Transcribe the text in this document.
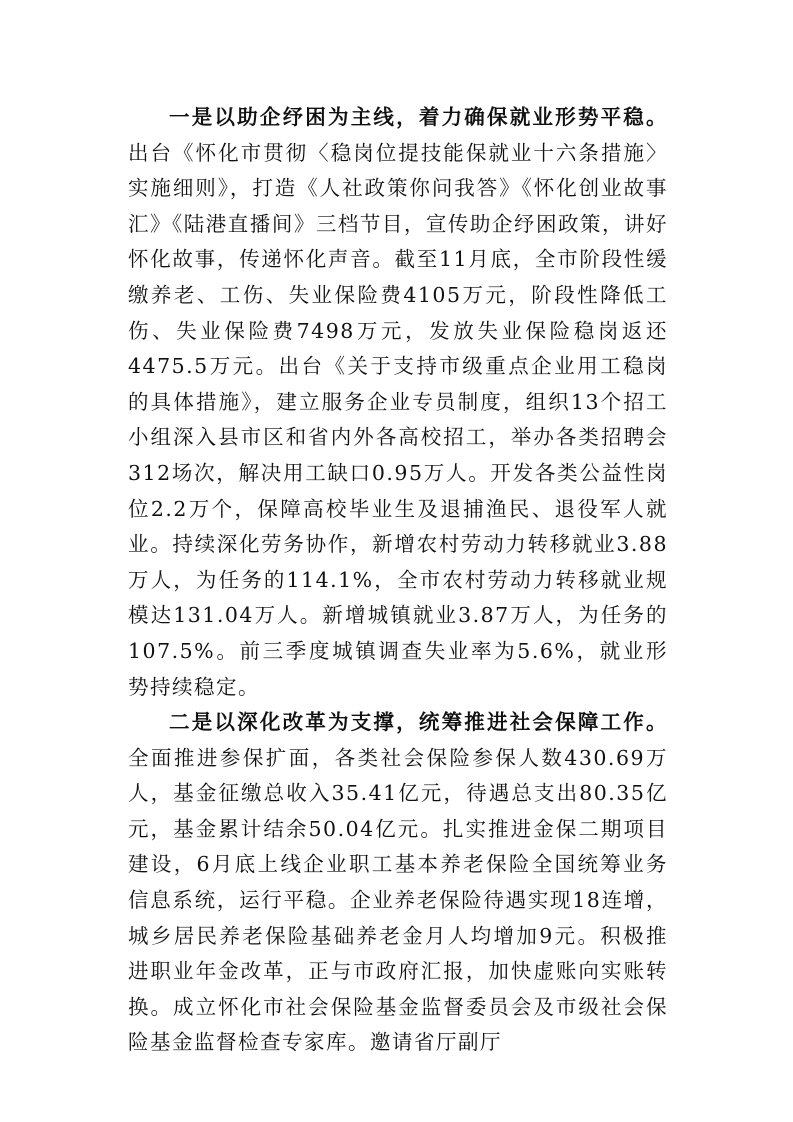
一是以助企纾困为主线，着力确保就业形势平稳。出台《怀化市贯彻〈稳岗位提技能保就业十六条措施〉实施细则》，打造《人社政策你问我答》《怀化创业故事汇》《陆港直播间》三档节目，宣传助企纾困政策，讲好怀化故事，传递怀化声音。截至11月底，全市阶段性缓缴养老、工伤、失业保险费4105万元，阶段性降低工伤、失业保险费7498万元，发放失业保险稳岗返还4475.5万元。出台《关于支持市级重点企业用工稳岗的具体措施》，建立服务企业专员制度，组织13个招工小组深入县市区和省内外各高校招工，举办各类招聘会312场次，解决用工缺口0.95万人。开发各类公益性岗位2.2万个，保障高校毕业生及退捕渔民、退役军人就业。持续深化劳务协作，新增农村劳动力转移就业3.88万人，为任务的114.1%，全市农村劳动力转移就业规模达131.04万人。新增城镇就业3.87万人，为任务的107.5%。前三季度城镇调查失业率为5.6%，就业形势持续稳定。

二是以深化改革为支撑，统筹推进社会保障工作。全面推进参保扩面，各类社会保险参保人数430.69万人，基金征缴总收入35.41亿元，待遇总支出80.35亿元，基金累计结余50.04亿元。扎实推进金保二期项目建设，6月底上线企业职工基本养老保险全国统筹业务信息系统，运行平稳。企业养老保险待遇实现18连增，城乡居民养老保险基础养老金月人均增加9元。积极推进职业年金改革，正与市政府汇报，加快虚账向实账转换。成立怀化市社会保险基金监督委员会及市级社会保险基金监督检查专家库。邀请省厅副厅
